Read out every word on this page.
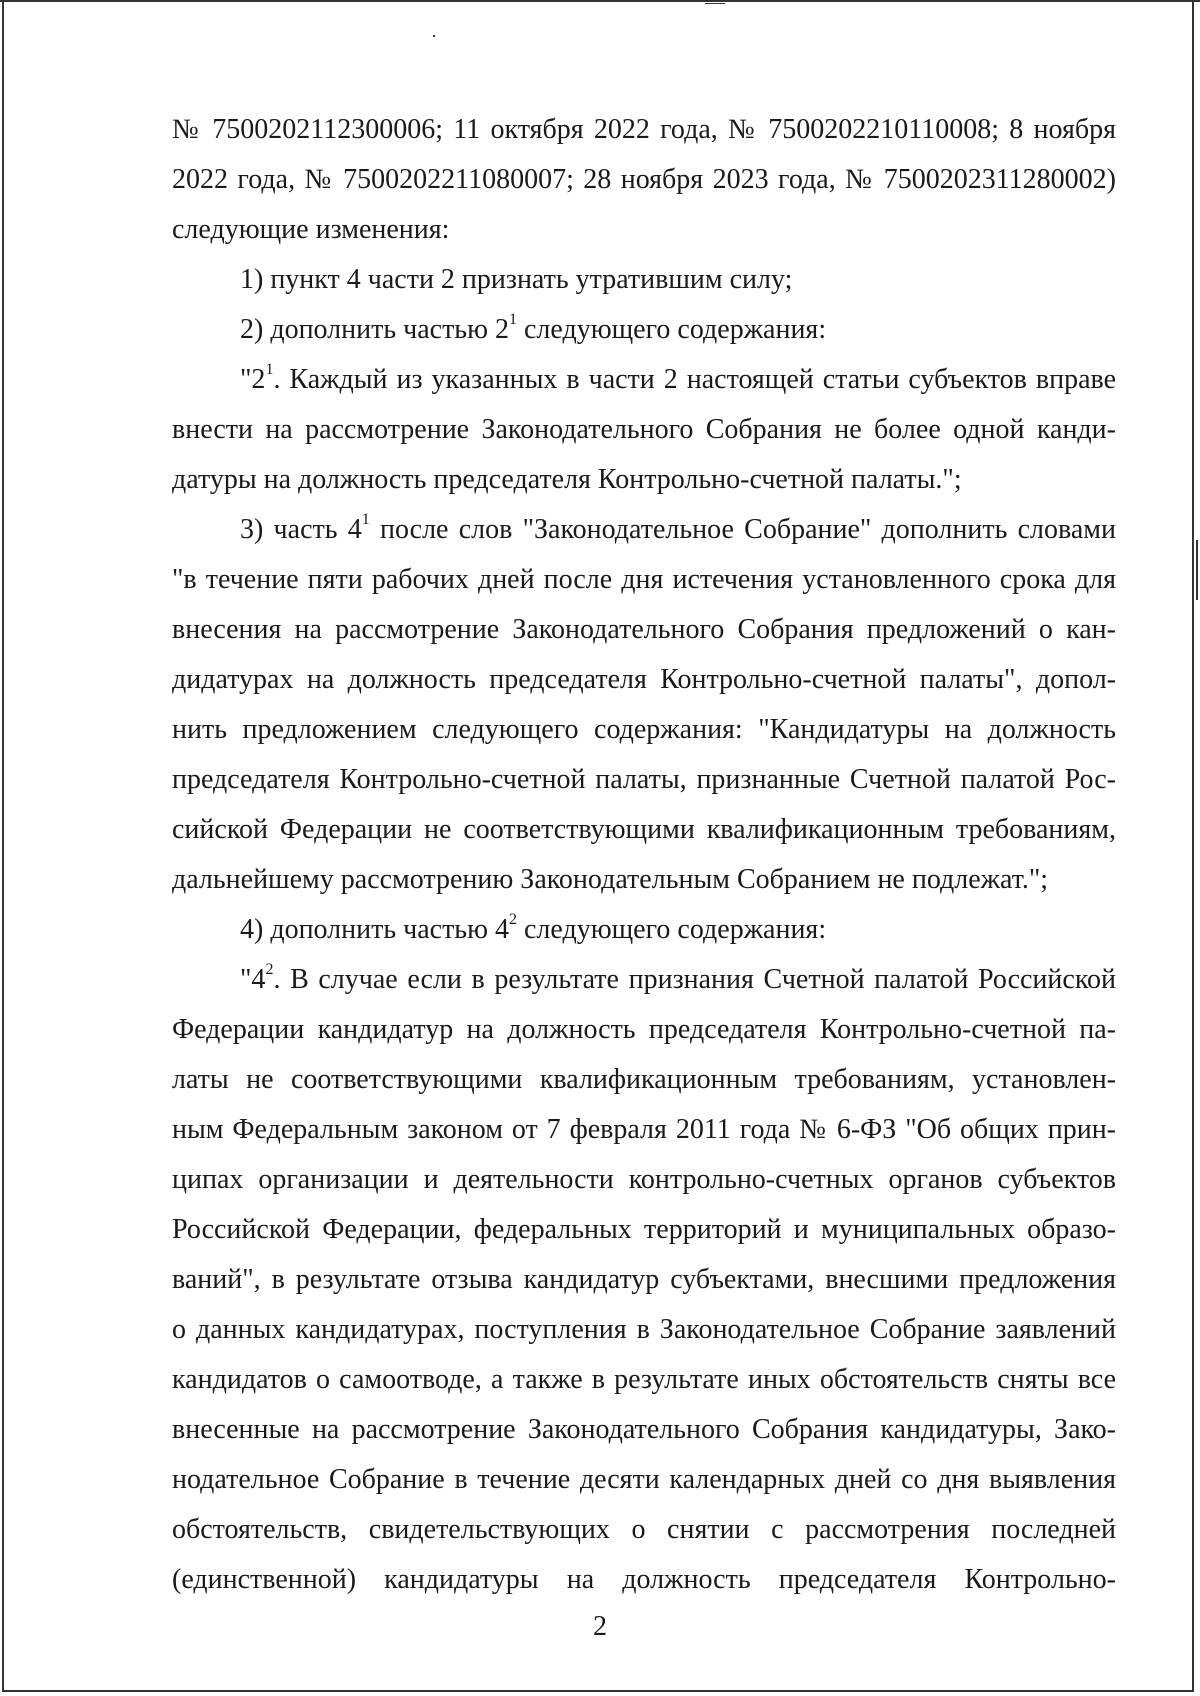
№ 7500202112300006; 11 октября 2022 года, № 7500202210110008; 8 ноября
2022 года, № 7500202211080007; 28 ноября 2023 года, № 7500202311280002)
следующие изменения:
1) пункт 4 части 2 признать утратившим силу;
2) дополнить частью $2^1$ следующего содержания:
"$2^1$. Каждый из указанных в части 2 настоящей статьи субъектов вправе
внести на рассмотрение Законодательного Собрания не более одной канди-
датуры на должность председателя Контрольно-счетной палаты.";
3) часть $4^1$ после слов "Законодательное Собрание" дополнить словами
"в течение пяти рабочих дней после дня истечения установленного срока для
внесения на рассмотрение Законодательного Собрания предложений о кан-
дидатурах на должность председателя Контрольно-счетной палаты", допол-
нить предложением следующего содержания: "Кандидатуры на должность
председателя Контрольно-счетной палаты, признанные Счетной палатой Рос-
сийской Федерации не соответствующими квалификационным требованиям,
дальнейшему рассмотрению Законодательным Собранием не подлежат.";
4) дополнить частью $4^2$ следующего содержания:
"$4^2$. В случае если в результате признания Счетной палатой Российской
Федерации кандидатур на должность председателя Контрольно-счетной па-
латы не соответствующими квалификационным требованиям, установлен-
ным Федеральным законом от 7 февраля 2011 года № 6-ФЗ "Об общих прин-
ципах организации и деятельности контрольно-счетных органов субъектов
Российской Федерации, федеральных территорий и муниципальных образо-
ваний", в результате отзыва кандидатур субъектами, внесшими предложения
о данных кандидатурах, поступления в Законодательное Собрание заявлений
кандидатов о самоотводе, а также в результате иных обстоятельств сняты все
внесенные на рассмотрение Законодательного Собрания кандидатуры, Зако-
нодательное Собрание в течение десяти календарных дней со дня выявления
обстоятельств, свидетельствующих о снятии с рассмотрения последней
(единственной) кандидатуры на должность председателя Контрольно-
2
